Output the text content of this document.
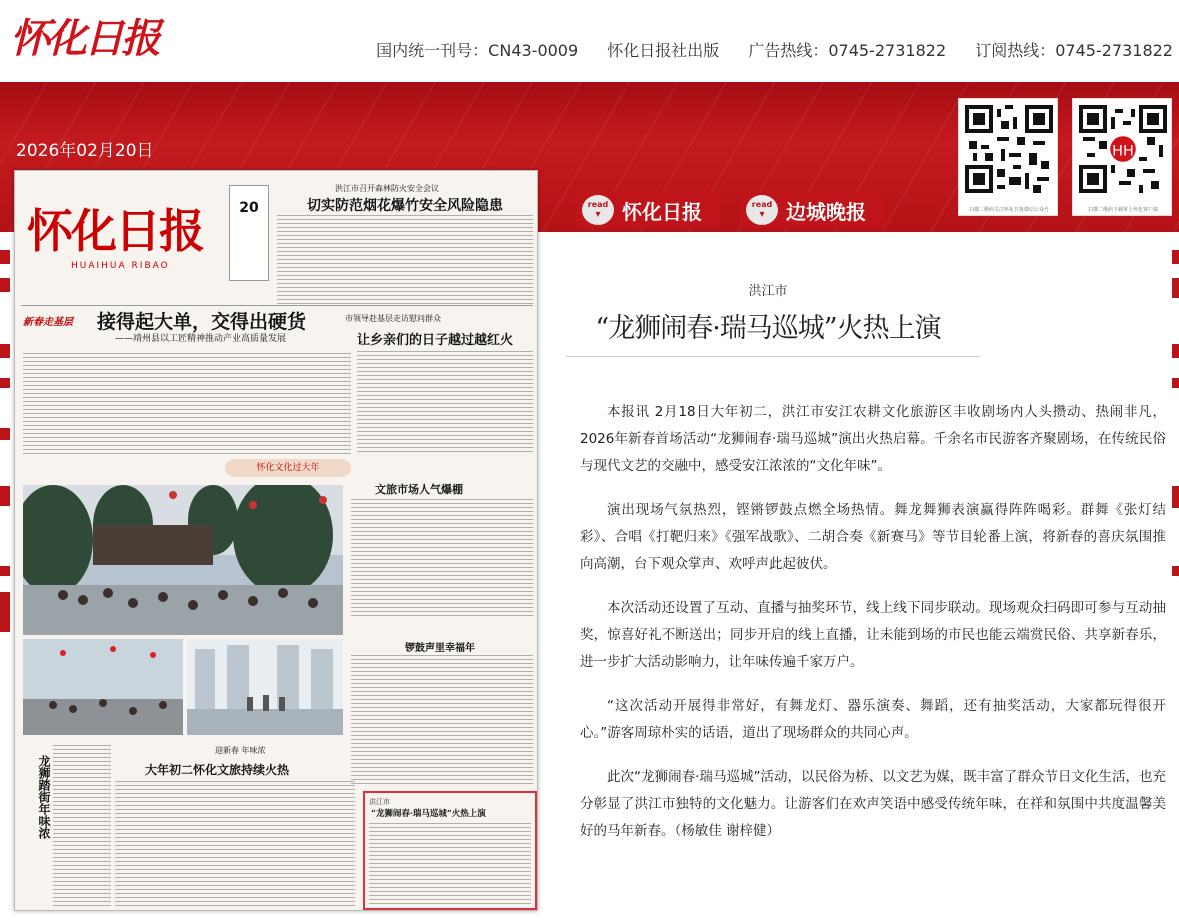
怀化日报	国内统一刊号：CN43-0009 怀化日报社出版 广告热线：0745-2731822 订阅热线：0745-2731822
2026年02月20日
扫描二维码关注怀化日报微信公众号
HH
扫描二维码下载掌上怀化客户端
怀化日报
HUAIHUA RIBAO
20
洪江市召开森林防火安全会议
切实防范烟花爆竹安全风险隐患
新春走基层 接得起大单，交得出硬货
——靖州县以工匠精神推动产业高质量发展
市领导赴基层走访慰问群众
让乡亲们的日子越过越红火
怀化文化过大年
文旅市场人气爆棚
锣鼓声里幸福年
龙狮踏街年味浓
迎新春 年味浓
大年初二怀化文旅持续火热
洪江市
“龙狮闹春·瑞马巡城”火热上演
read
▾ 怀化日报	read
▾ 边城晚报
洪江市
“龙狮闹春·瑞马巡城”火热上演

本报讯 2月18日大年初二，洪江市安江农耕文化旅游区丰收剧场内人头攒动、热闹非凡，2026年新春首场活动“龙狮闹春·瑞马巡城”演出火热启幕。千余名市民游客齐聚剧场，在传统民俗与现代文艺的交融中，感受安江浓浓的“文化年味”。

演出现场气氛热烈，铿锵锣鼓点燃全场热情。舞龙舞狮表演赢得阵阵喝彩。群舞《张灯结彩》、合唱《打靶归来》《强军战歌》、二胡合奏《新赛马》等节目轮番上演，将新春的喜庆氛围推向高潮，台下观众掌声、欢呼声此起彼伏。

本次活动还设置了互动、直播与抽奖环节，线上线下同步联动。现场观众扫码即可参与互动抽奖，惊喜好礼不断送出；同步开启的线上直播，让未能到场的市民也能云端赏民俗、共享新春乐，进一步扩大活动影响力，让年味传遍千家万户。

“这次活动开展得非常好，有舞龙灯、器乐演奏、舞蹈，还有抽奖活动，大家都玩得很开心。”游客周琼朴实的话语，道出了现场群众的共同心声。

此次“龙狮闹春·瑞马巡城”活动，以民俗为桥、以文艺为媒，既丰富了群众节日文化生活，也充分彰显了洪江市独特的文化魅力。让游客们在欢声笑语中感受传统年味，在祥和氛围中共度温馨美好的马年新春。（杨敏佳 谢梓健）
